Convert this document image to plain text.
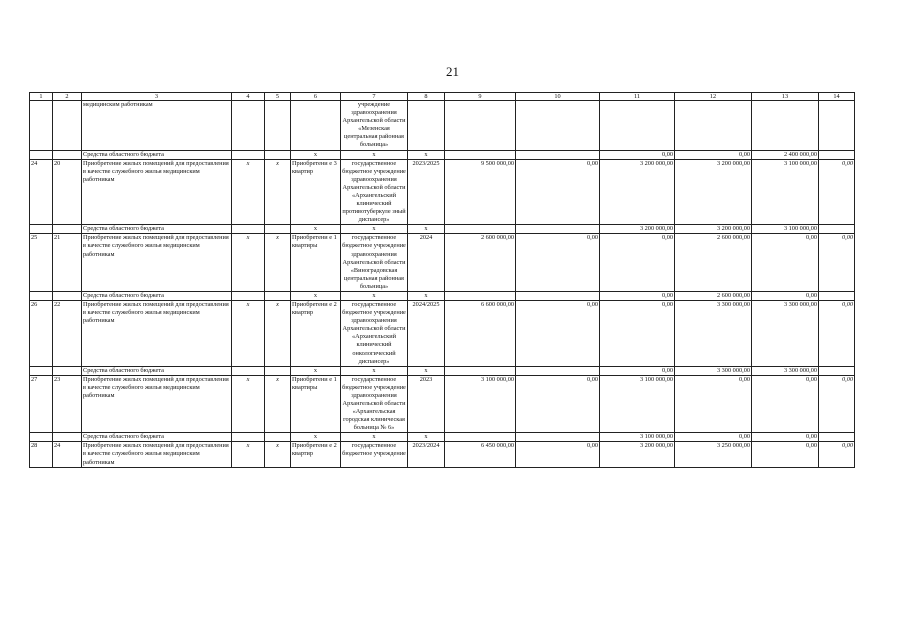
21
1	2	3	4	5	6	7	8	9	10	11	12	13	14
		медицинским работникам				учреждение здравоохранения Архангельской области «Мезенская центральная районная больница»							
		Средства областного бюджета			х	х	х			0,00	0,00	2 400 000,00	
24	20	Приобретение жилых помещений для предоставления в качестве служебного жилья медицинским работникам	х	х	Приобретени е 3 квартир	государственное бюджетное учреждение здравоохранения Архангельской области «Архангельский клинический противотуберкуле зный диспансер»	2023/2025	9 500 000,00	0,00	3 200 000,00	3 200 000,00	3 100 000,00	0,00
		Средства областного бюджета			х	х	х			3 200 000,00	3 200 000,00	3 100 000,00	
25	21	Приобретение жилых помещений для предоставления в качестве служебного жилья медицинским работникам	х	х	Приобретени е 1 квартиры	государственное бюджетное учреждение здравоохранения Архангельской области «Виноградовская центральная районная больница»	2024	2 600 000,00	0,00	0,00	2 600 000,00	0,00	0,00
		Средства областного бюджета			х	х	х			0,00	2 600 000,00	0,00	
26	22	Приобретение жилых помещений для предоставления в качестве служебного жилья медицинским работникам	х	х	Приобретени е 2 квартир	государственное бюджетное учреждение здравоохранения Архангельской области «Архангельский клинический онкологический диспансер»	2024/2025	6 600 000,00	0,00	0,00	3 300 000,00	3 300 000,00	0,00
		Средства областного бюджета			х	х	х			0,00	3 300 000,00	3 300 000,00	
27	23	Приобретение жилых помещений для предоставления в качестве служебного жилья медицинским работникам	х	х	Приобретени е 1 квартиры	государственное бюджетное учреждение здравоохранения Архангельской области «Архангельская городская клиническая больница № 6»	2023	3 100 000,00	0,00	3 100 000,00	0,00	0,00	0,00
		Средства областного бюджета			х	х	х			3 100 000,00	0,00	0,00	
28	24	Приобретение жилых помещений для предоставления в качестве служебного жилья медицинским работникам	х	х	Приобретени е 2 квартир	государственное бюджетное учреждение	2023/2024	6 450 000,00	0,00	3 200 000,00	3 250 000,00	0,00	0,00
